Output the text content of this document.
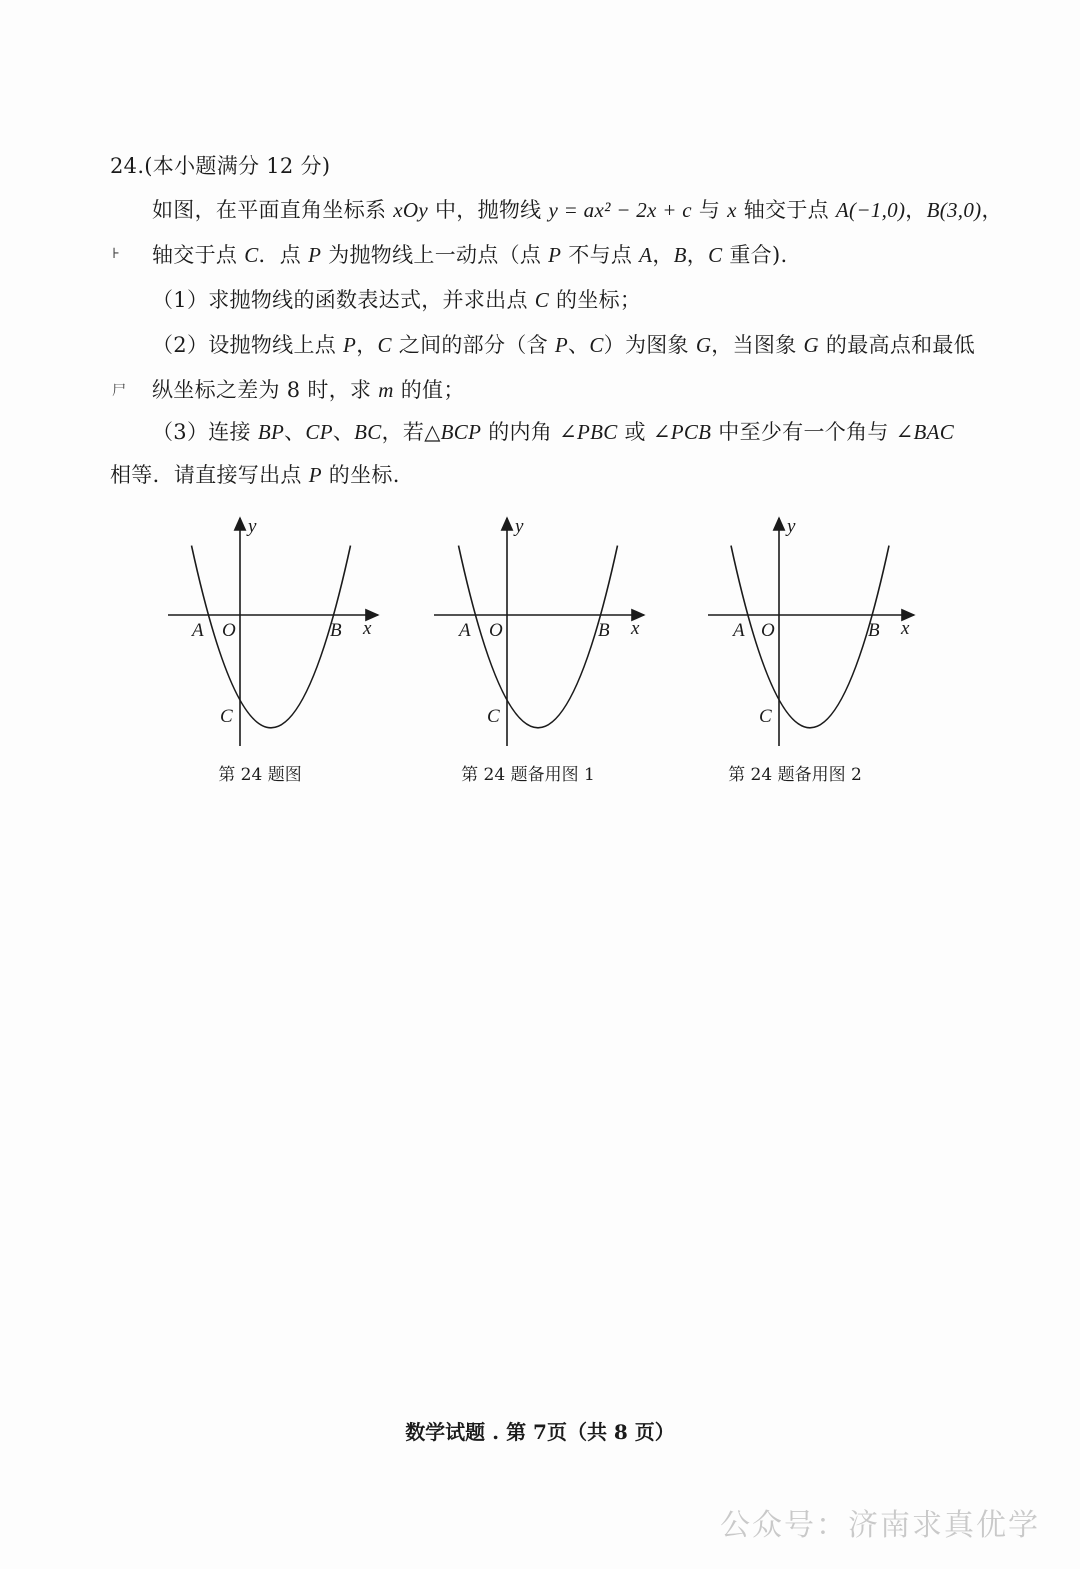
24.(本小题满分 12 分)
如图，在平面直角坐标系 xOy 中，抛物线 y = ax² − 2x + c 与 x 轴交于点 A(−1,0)，B(3,0)，
⊦ 轴交于点 C．点 P 为抛物线上一动点（点 P 不与点 A，B，C 重合).
（1）求抛物线的函数表达式，并求出点 C 的坐标；
（2）设抛物线上点 P，C 之间的部分（含 P、C）为图象 G，当图象 G 的最高点和最低
尸 纵坐标之差为 8 时，求 m 的值；
（3）连接 BP、CP、BC，若△BCP 的内角 ∠PBC 或 ∠PCB 中至少有一个角与 ∠BAC
相等．请直接写出点 P 的坐标.
y
x
A O	B
C
第 24 题图
y
x
A O	B
C
第 24 题备用图 1
y
x
A O	B
C
第 24 题备用图 2
数学试题 . 第 7页（共 8 页）
公众号：济南求真优学
